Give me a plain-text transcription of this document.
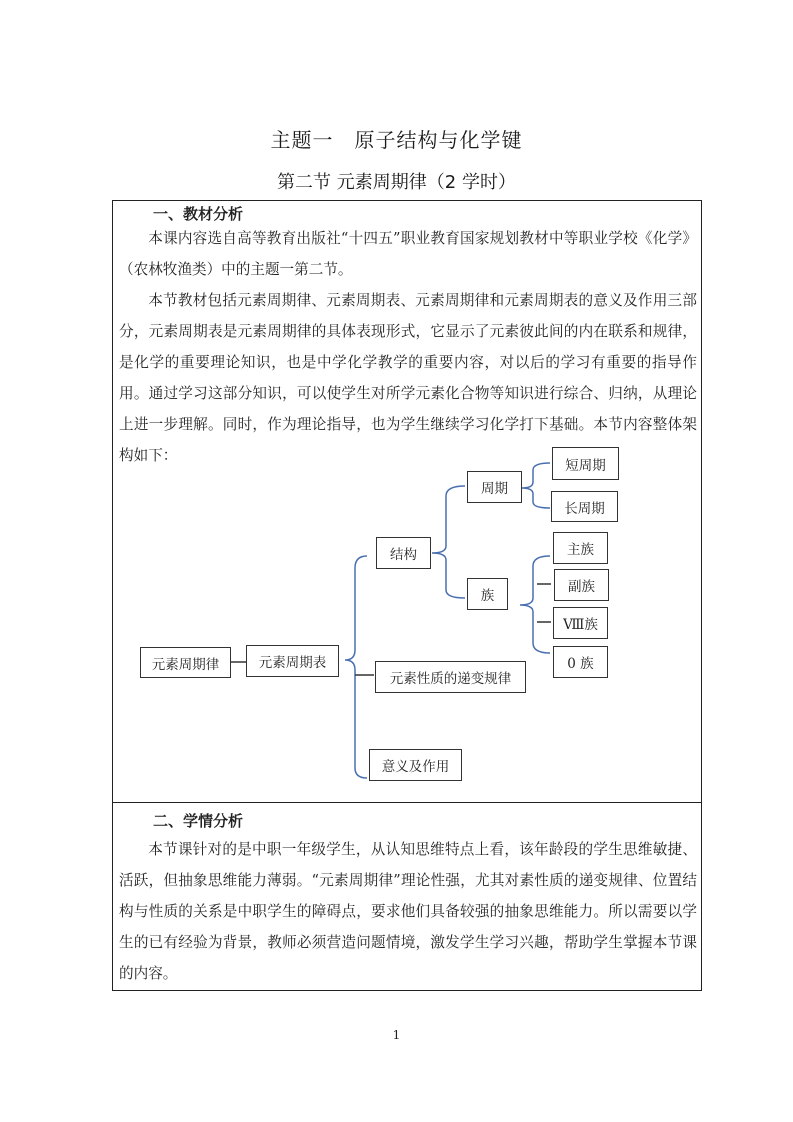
主题一　原子结构与化学键
第二节 元素周期律（2 学时）
一、教材分析

本课内容选自高等教育出版社“十四五”职业教育国家规划教材中等职业学校《化学》（农林牧渔类）中的主题一第二节。

本节教材包括元素周期律、元素周期表、元素周期律和元素周期表的意义及作用三部分，元素周期表是元素周期律的具体表现形式，它显示了元素彼此间的内在联系和规律，是化学的重要理论知识，也是中学化学教学的重要内容，对以后的学习有重要的指导作用。通过学习这部分知识，可以使学生对所学元素化合物等知识进行综合、归纳，从理论上进一步理解。同时，作为理论指导，也为学生继续学习化学打下基础。本节内容整体架构如下：

元素周期律	元素周期表
结构
周期
短周期
长周期
族
主族
副族
Ⅷ族
0 族
元素性质的递变规律
意义及作用
二、学情分析

本节课针对的是中职一年级学生，从认知思维特点上看，该年龄段的学生思维敏捷、活跃，但抽象思维能力薄弱。“元素周期律”理论性强，尤其对素性质的递变规律、位置结构与性质的关系是中职学生的障碍点，要求他们具备较强的抽象思维能力。所以需要以学生的已有经验为背景，教师必须营造问题情境，激发学生学习兴趣，帮助学生掌握本节课的内容。

1
